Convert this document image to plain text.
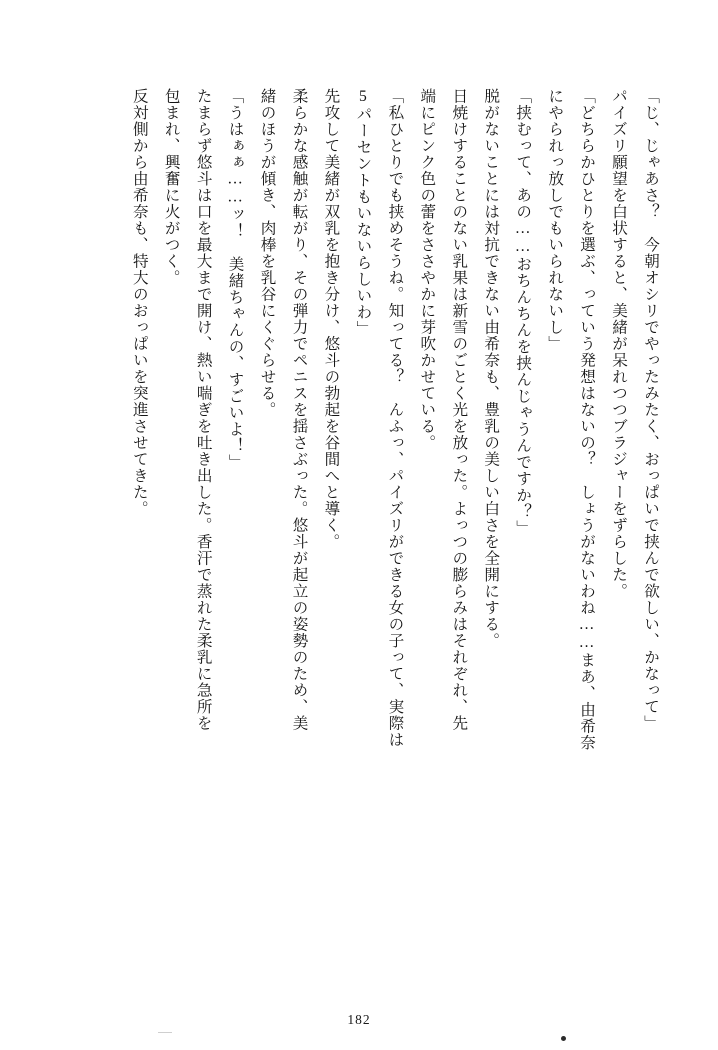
「じ、じゃあさ？　今朝オシリでやったみたく、おっぱいで挟んで欲しい、かなって」

パイズリ願望を白状すると、美緒が呆れつつブラジャーをずらした。

「どちらかひとりを選ぶ、っていう発想はないの？　しょうがないわね……まあ、由希奈

にやられっ放しでもいられないし」

「挟むって、あの……おちんちんを挟んじゃうんですか？」

脱がないことには対抗できない由希奈も、豊乳の美しい白さを全開にする。

日焼けすることのない乳果は新雪のごとく光を放った。よっつの膨らみはそれぞれ、先

端にピンク色の蕾をささやかに芽吹かせている。

「私ひとりでも挟めそうね。知ってる？　んふっ、パイズリができる女の子って、実際は

5パーセントもいないらしいわ」

先攻して美緒が双乳を抱き分け、悠斗の勃起を谷間へと導く。

柔らかな感触が転がり、その弾力でペニスを揺さぶった。悠斗が起立の姿勢のため、美

緒のほうが傾き、肉棒を乳谷にくぐらせる。

「うはぁぁ……ッ！　美緒ちゃんの、すごいよ！」

たまらず悠斗は口を最大まで開け、熱い喘ぎを吐き出した。香汗で蒸れた柔乳に急所を

包まれ、興奮に火がつく。

反対側から由希奈も、特大のおっぱいを突進させてきた。

182
